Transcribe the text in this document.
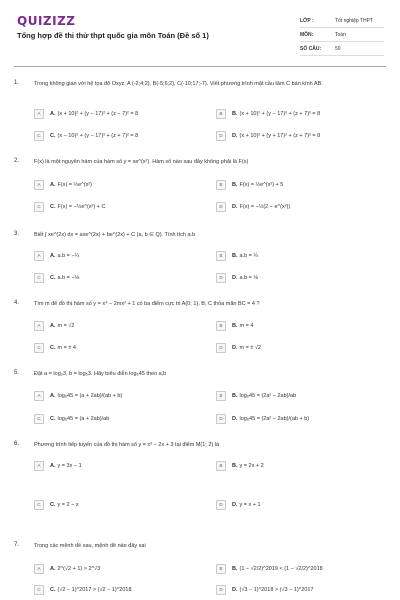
QUIZIZZ
Tổng hợp đề thi thử thpt quốc gia môn Toán (Đề số 1)
LỚP :	Tốt nghiệp THPT
MÔN:	Toán
SỐ CÂU:	50
1.	Trong không gian với hệ tọa độ Oxyz, A (-2;4;2), B(-5;6;2), C(-10;17;-7). Viết phương trình mặt cầu tâm C bán kính AB.
A	A. (x + 10)² + (y − 17)² + (z − 7)² = 8	B	B. (x + 10)² + (y − 17)² + (z + 7)² = 8
C	C. (x − 10)² + (y − 17)² + (z + 7)² = 8	D	D. (x + 10)² + (y + 17)² + (z + 7)² = 8
2.	F(x) là một nguyên hàm của hàm số y = xe^(x²). Hàm số nào sau đây không phải là F(x)
A	A. F(x) = ½e^(x²)	B	B. F(x) = ½e^(x²) + 5
C	C. F(x) = −½e^(x²) + C	D	D. F(x) = −½(2 − e^(x²))
3.	Biết ∫ xe^(2x) dx = axe^(2x) + be^(2x) + C (a, b ∈ Q). Tính tích a.b
A	A. a.b = −¼	B	B. a.b = ¼
C	C. a.b = −⅛	D	D. a.b = ⅛
4.	Tìm m để đồ thị hàm số y = x⁴ − 2mx² + 1 có ba điểm cực trị A(0; 1), B, C thỏa mãn BC = 4 ?
A	A. m = √2	B	B. m = 4
C	C. m = ± 4	D	D. m = ± √2
5.	Đặt a = log₂3, b = log₅3. Hãy biểu diễn log₆45 theo a,b
A	A. log₆45 = (a + 2ab)/(ab + b)	B	B. log₆45 = (2a² − 2ab)/ab
C	C. log₆45 = (a + 2ab)/ab	D	D. log₆45 = (2a² − 2ab)/(ab + b)
6.	Phương trình tiếp tuyến của đồ thị hàm số y = x³ − 2x + 3 tại điểm M(1; 2) là
A	A. y = 3x − 1	B	B. y = 2x + 2
C	C. y = 2 − x	D	D. y = x + 1
7.	Trong các mệnh đề sau, mệnh đề nào đây sai
A	A. 2^(√2 + 1) > 2^√3	B	B. (1 − √2/2)^2019 < (1 − √2/2)^2018
C	C. (√2 − 1)^2017 > (√2 − 1)^2018	D	D. (√3 − 1)^2018 > (√3 − 1)^2017
